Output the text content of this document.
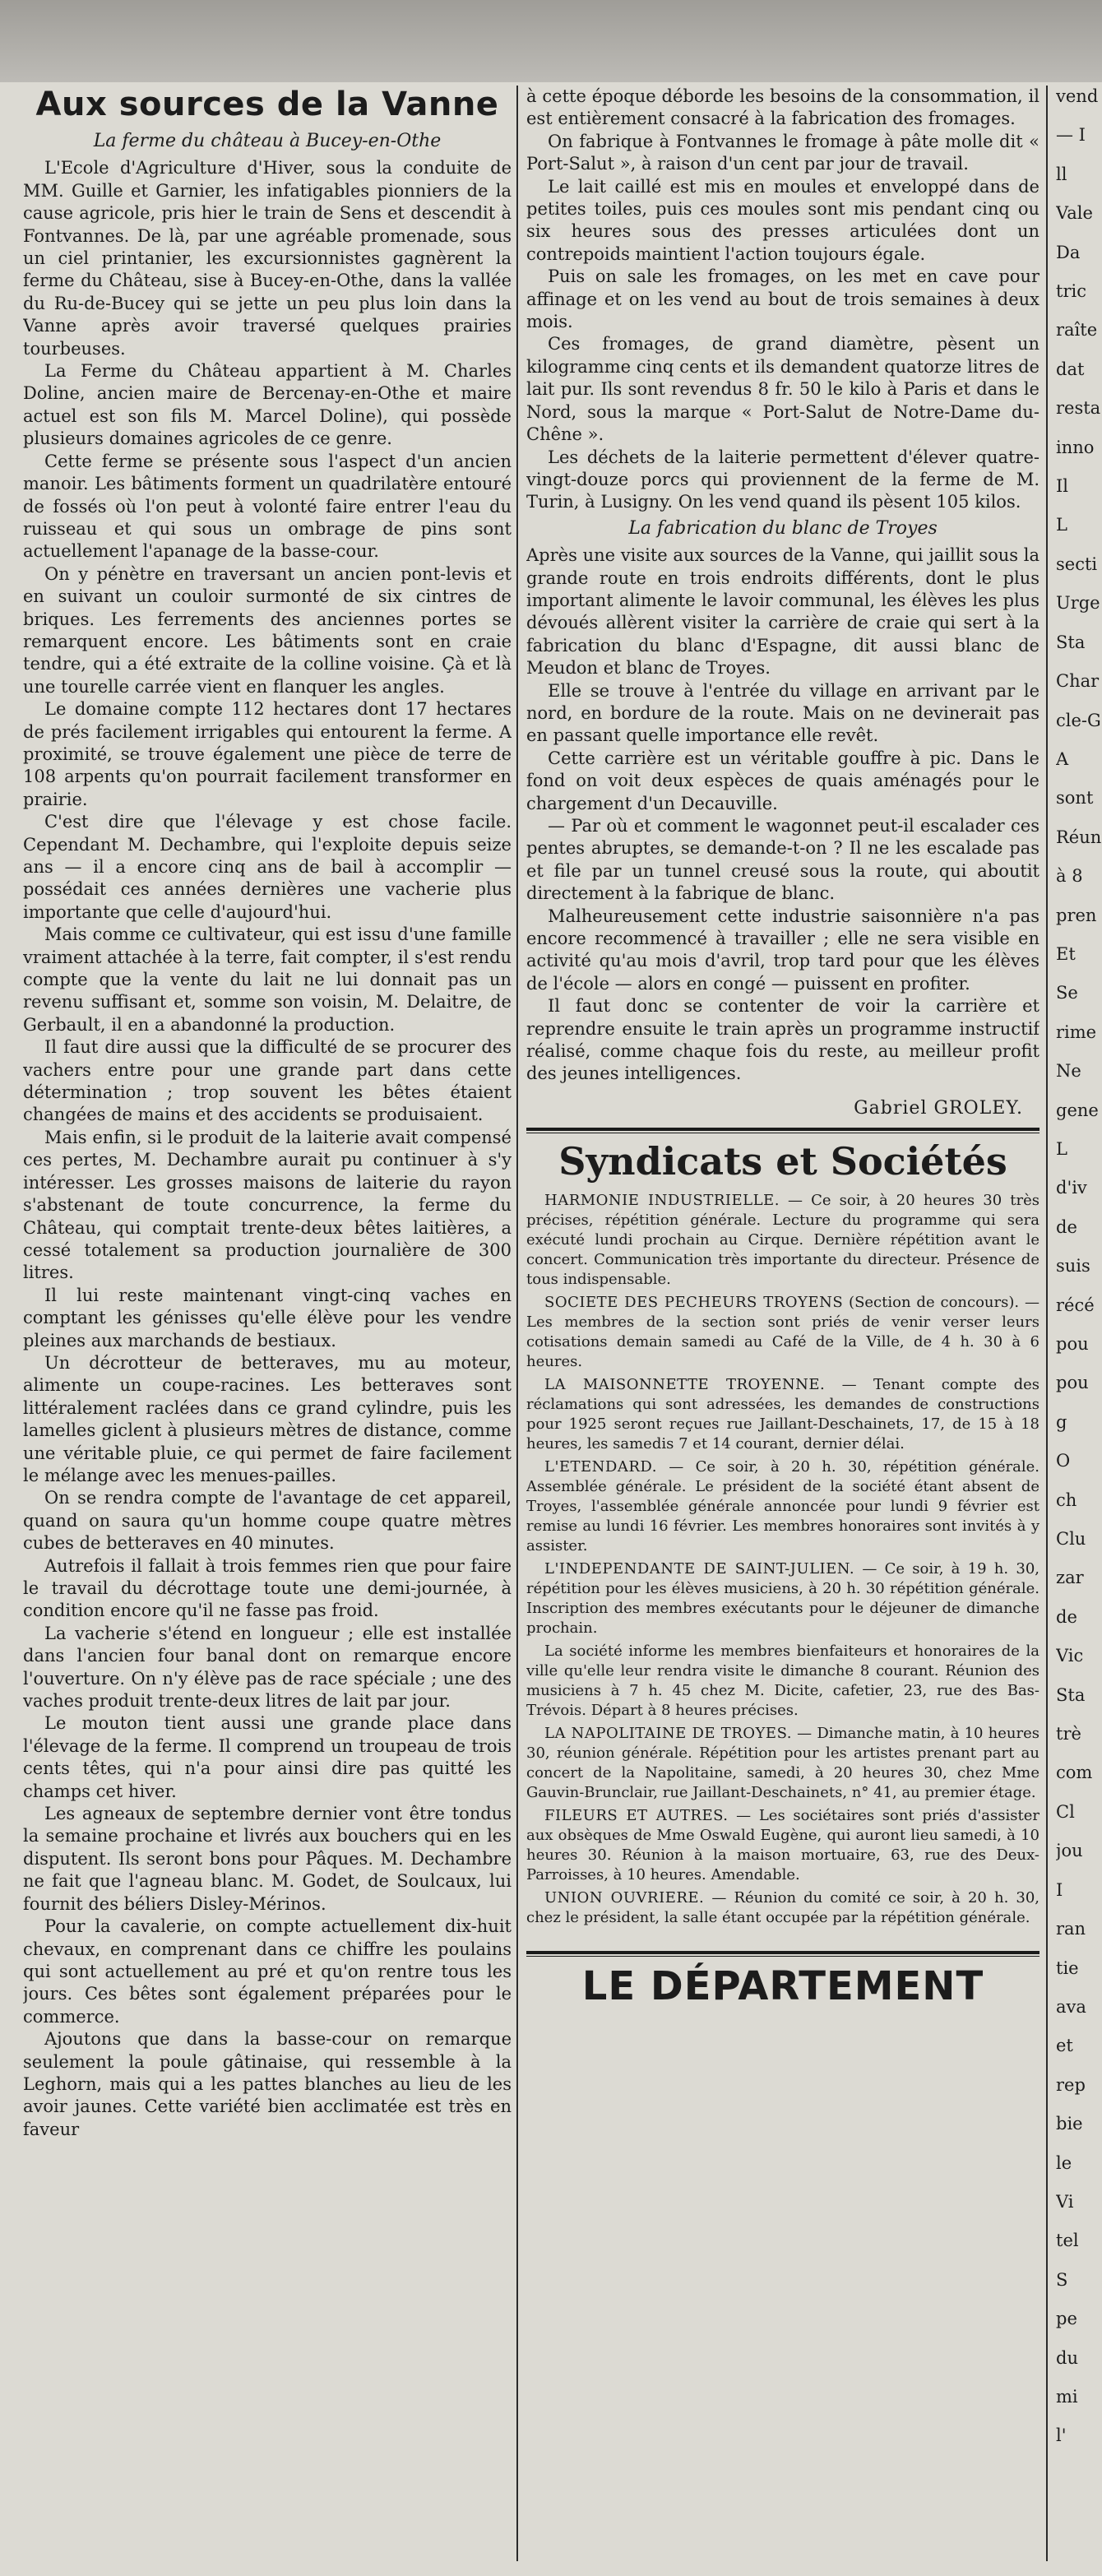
Aux sources de la Vanne
La ferme du château à Bucey-en-Othe

L'Ecole d'Agriculture d'Hiver, sous la conduite de MM. Guille et Garnier, les infatigables pionniers de la cause agricole, pris hier le train de Sens et descendit à Fontvannes. De là, par une agréable promenade, sous un ciel printanier, les excursionnistes gagnèrent la ferme du Château, sise à Bucey-en-Othe, dans la vallée du Ru-de-Bucey qui se jette un peu plus loin dans la Vanne après avoir traversé quelques prairies tourbeuses.

La Ferme du Château appartient à M. Charles Doline, ancien maire de Bercenay-en-Othe et maire actuel est son fils M. Marcel Doline), qui possède plusieurs domaines agricoles de ce genre.

Cette ferme se présente sous l'aspect d'un ancien manoir. Les bâtiments forment un quadrilatère entouré de fossés où l'on peut à volonté faire entrer l'eau du ruisseau et qui sous un ombrage de pins sont actuellement l'apanage de la basse-cour.

On y pénètre en traversant un ancien pont-levis et en suivant un couloir surmonté de six cintres de briques. Les ferrements des anciennes portes se remarquent encore. Les bâtiments sont en craie tendre, qui a été extraite de la colline voisine. Çà et là une tourelle carrée vient en flanquer les angles.

Le domaine compte 112 hectares dont 17 hectares de prés facilement irrigables qui entourent la ferme. A proximité, se trouve également une pièce de terre de 108 arpents qu'on pourrait facilement transformer en prairie.

C'est dire que l'élevage y est chose facile. Cependant M. Dechambre, qui l'exploite depuis seize ans — il a encore cinq ans de bail à accomplir — possédait ces années dernières une vacherie plus importante que celle d'aujourd'hui.

Mais comme ce cultivateur, qui est issu d'une famille vraiment attachée à la terre, fait compter, il s'est rendu compte que la vente du lait ne lui donnait pas un revenu suffisant et, somme son voisin, M. Delaitre, de Gerbault, il en a abandonné la production.

Il faut dire aussi que la difficulté de se procurer des vachers entre pour une grande part dans cette détermination ; trop souvent les bêtes étaient changées de mains et des accidents se produisaient.

Mais enfin, si le produit de la laiterie avait compensé ces pertes, M. Dechambre aurait pu continuer à s'y intéresser. Les grosses maisons de laiterie du rayon s'abstenant de toute concurrence, la ferme du Château, qui comptait trente-deux bêtes laitières, a cessé totalement sa production journalière de 300 litres.

Il lui reste maintenant vingt-cinq vaches en comptant les génisses qu'elle élève pour les vendre pleines aux marchands de bestiaux.

Un décrotteur de betteraves, mu au moteur, alimente un coupe-racines. Les betteraves sont littéralement raclées dans ce grand cylindre, puis les lamelles giclent à plusieurs mètres de distance, comme une véritable pluie, ce qui permet de faire facilement le mélange avec les menues-pailles.

On se rendra compte de l'avantage de cet appareil, quand on saura qu'un homme coupe quatre mètres cubes de betteraves en 40 minutes.

Autrefois il fallait à trois femmes rien que pour faire le travail du décrottage toute une demi-journée, à condition encore qu'il ne fasse pas froid.

La vacherie s'étend en longueur ; elle est installée dans l'ancien four banal dont on remarque encore l'ouverture. On n'y élève pas de race spéciale ; une des vaches produit trente-deux litres de lait par jour.

Le mouton tient aussi une grande place dans l'élevage de la ferme. Il comprend un troupeau de trois cents têtes, qui n'a pour ainsi dire pas quitté les champs cet hiver.

Les agneaux de septembre dernier vont être tondus la semaine prochaine et livrés aux bouchers qui en les disputent. Ils seront bons pour Pâques. M. Dechambre ne fait que l'agneau blanc. M. Godet, de Soulcaux, lui fournit des béliers Disley-Mérinos.

Pour la cavalerie, on compte actuellement dix-huit chevaux, en comprenant dans ce chiffre les poulains qui sont actuellement au pré et qu'on rentre tous les jours. Ces bêtes sont également préparées pour le commerce.

Ajoutons que dans la basse-cour on remarque seulement la poule gâtinaise, qui ressemble à la Leghorn, mais qui a les pattes blanches au lieu de les avoir jaunes. Cette variété bien acclimatée est très en faveur

à cette époque déborde les besoins de la consommation, il est entièrement consacré à la fabrication des fromages.

On fabrique à Fontvannes le fromage à pâte molle dit « Port-Salut », à raison d'un cent par jour de travail.

Le lait caillé est mis en moules et enveloppé dans de petites toiles, puis ces moules sont mis pendant cinq ou six heures sous des presses articulées dont un contrepoids maintient l'action toujours égale.

Puis on sale les fromages, on les met en cave pour affinage et on les vend au bout de trois semaines à deux mois.

Ces fromages, de grand diamètre, pèsent un kilogramme cinq cents et ils demandent quatorze litres de lait pur. Ils sont revendus 8 fr. 50 le kilo à Paris et dans le Nord, sous la marque « Port-Salut de Notre-Dame du-Chêne ».

Les déchets de la laiterie permettent d'élever quatre-vingt-douze porcs qui proviennent de la ferme de M. Turin, à Lusigny. On les vend quand ils pèsent 105 kilos.

La fabrication du blanc de Troyes

Après une visite aux sources de la Vanne, qui jaillit sous la grande route en trois endroits différents, dont le plus important alimente le lavoir communal, les élèves les plus dévoués allèrent visiter la carrière de craie qui sert à la fabrication du blanc d'Espagne, dit aussi blanc de Meudon et blanc de Troyes.

Elle se trouve à l'entrée du village en arrivant par le nord, en bordure de la route. Mais on ne devinerait pas en passant quelle importance elle revêt.

Cette carrière est un véritable gouffre à pic. Dans le fond on voit deux espèces de quais aménagés pour le chargement d'un Decauville.

— Par où et comment le wagonnet peut-il escalader ces pentes abruptes, se demande-t-on ? Il ne les escalade pas et file par un tunnel creusé sous la route, qui aboutit directement à la fabrique de blanc.

Malheureusement cette industrie saisonnière n'a pas encore recommencé à travailler ; elle ne sera visible en activité qu'au mois d'avril, trop tard pour que les élèves de l'école — alors en congé — puissent en profiter.

Il faut donc se contenter de voir la carrière et reprendre ensuite le train après un programme instructif réalisé, comme chaque fois du reste, au meilleur profit des jeunes intelligences.

Gabriel GROLEY.
Syndicats et Sociétés

HARMONIE INDUSTRIELLE. — Ce soir, à 20 heures 30 très précises, répétition générale. Lecture du programme qui sera exécuté lundi prochain au Cirque. Dernière répétition avant le concert. Communication très importante du directeur. Présence de tous indispensable.

SOCIETE DES PECHEURS TROYENS (Section de concours). — Les membres de la section sont priés de venir verser leurs cotisations demain samedi au Café de la Ville, de 4 h. 30 à 6 heures.

LA MAISONNETTE TROYENNE. — Tenant compte des réclamations qui sont adressées, les demandes de constructions pour 1925 seront reçues rue Jaillant-Deschainets, 17, de 15 à 18 heures, les samedis 7 et 14 courant, dernier délai.

L'ETENDARD. — Ce soir, à 20 h. 30, répétition générale. Assemblée générale. Le président de la société étant absent de Troyes, l'assemblée générale annoncée pour lundi 9 février est remise au lundi 16 février. Les membres honoraires sont invités à y assister.

L'INDEPENDANTE DE SAINT-JULIEN. — Ce soir, à 19 h. 30, répétition pour les élèves musiciens, à 20 h. 30 répétition générale. Inscription des membres exécutants pour le déjeuner de dimanche prochain.

La société informe les membres bienfaiteurs et honoraires de la ville qu'elle leur rendra visite le dimanche 8 courant. Réunion des musiciens à 7 h. 45 chez M. Dicite, cafetier, 23, rue des Bas-Trévois. Départ à 8 heures précises.

LA NAPOLITAINE DE TROYES. — Dimanche matin, à 10 heures 30, réunion générale. Répétition pour les artistes prenant part au concert de la Napolitaine, samedi, à 20 heures 30, chez Mme Gauvin-Brunclair, rue Jaillant-Deschainets, n° 41, au premier étage.

FILEURS ET AUTRES. — Les sociétaires sont priés d'assister aux obsèques de Mme Oswald Eugène, qui auront lieu samedi, à 10 heures 30. Réunion à la maison mortuaire, 63, rue des Deux-Parroisses, à 10 heures. Amendable.

UNION OUVRIERE. — Réunion du comité ce soir, à 20 h. 30, chez le président, la salle étant occupée par la répétition générale.

LE DÉPARTEMENT
vend
— I
ll
Vale
Da
tric
raîte
dat
resta
inno
Il
L
secti
Urge
Sta
Char
cle-G
A
sont
Réun
à 8
pren
Et
Se
rime
Ne
gene
L
d'iv
de
suis
récé
pou
pou
g
O
ch
Clu
zar
de
Vic
Sta
trè
com
Cl
jou
I
ran
tie
ava
et
rep
bie
le
Vi
tel
S
pe
du
mi
l'
